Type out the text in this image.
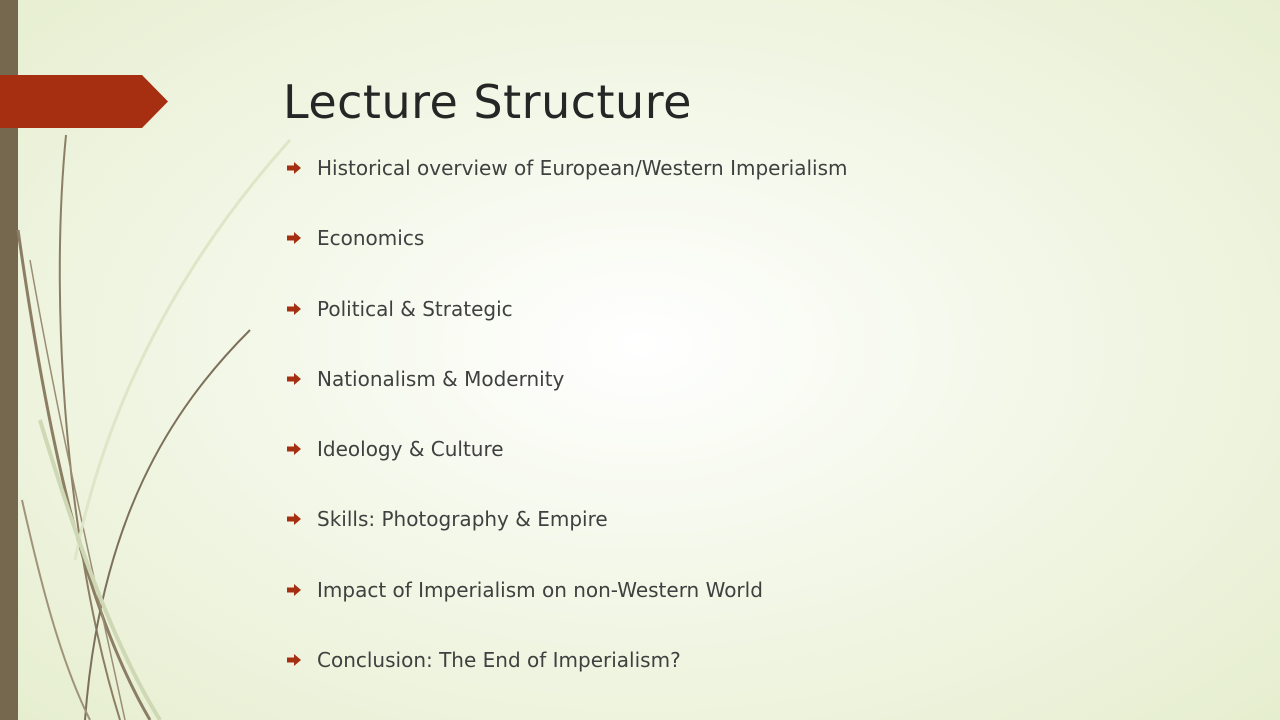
Lecture Structure
Historical overview of European/Western Imperialism
Economics
Political & Strategic
Nationalism & Modernity
Ideology & Culture
Skills: Photography & Empire
Impact of Imperialism on non-Western World
Conclusion: The End of Imperialism?
